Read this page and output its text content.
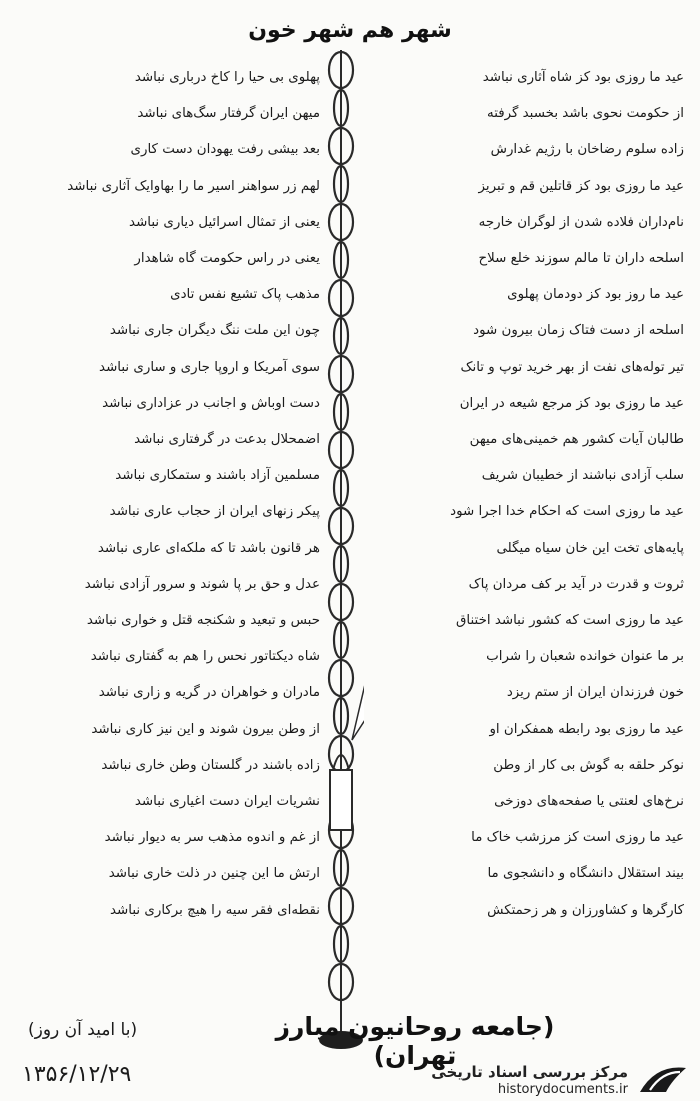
شهر هم شهر خون
پهلوی بی حیا را کاخ درباری نباشد
میهن ایران گرفتار سگ‌های نباشد
بعد بیشی رفت یهودان دست کاری
لهم زر سواهنر اسیر ما را بهاوایک آثاری نباشد
یعنی از تمثال اسرائیل دیاری نباشد
یعنی در راس حکومت گاه شاهدار
مذهب پاک تشیع نفس تادی
چون این ملت ننگ دیگران جاری نباشد
سوی آمریکا و اروپا جاری و ساری نباشد
دست اوباش و اجانب در عزاداری نباشد
اضمحلال بدعت در گرفتاری نباشد
مسلمین آزاد باشند و ستمکاری نباشد
پیکر زنهای ایران از حجاب عاری نباشد
هر قانون باشد تا که ملکه‌ای عاری نباشد
عدل و حق بر پا شوند و سرور آزادی نباشد
حبس و تبعید و شکنجه قتل و خواری نباشد
شاه دیکتاتور نحس را هم به گفتاری نباشد
مادران و خواهران در گریه و زاری نباشد
از وطن بیرون شوند و این نیز کاری نباشد
زاده باشند در گلستان وطن خاری نباشد
نشریات ایران دست اغیاری نباشد
از غم و اندوه مذهب سر به دیوار نباشد
ارتش ما این چنین در ذلت خاری نباشد
نقطه‌ای فقر سیه را هیچ برکاری نباشد
عید ما روزی بود کز شاه آثاری نباشد
از حکومت نحوی باشد بخسبد گرفته
زاده سلوم رضاخان با رژیم غدارش
عید ما روزی بود کز قاتلین قم و تبریز
نام‌داران فلاده شدن از لوگران خارجه
اسلحه داران تا مالم سوزند خلع سلاح
عید ما روز بود کز دودمان پهلوی
اسلحه از دست فتاک زمان بیرون شود
تیر توله‌های نفت از بهر خرید توپ و تانک
عید ما روزی بود کز مرجع شیعه در ایران
طالبان آیات کشور هم خمینی‌های میهن
سلب آزادی نباشند از خطیبان شریف
عید ما روزی است که احکام خدا اجرا شود
پایه‌های تخت این خان سیاه میگلی
ثروت و قدرت در آید بر کف مردان پاک
عید ما روزی است که کشور نباشد اختناق
بر ما عنوان خوانده شعبان را شراب
خون فرزندان ایران از ستم ریزد
عید ما روزی بود رابطه همفکران او
نوکر حلقه به گوش بی کار از وطن
نرخ‌های لعنتی یا صفحه‌های دوزخی
عید ما روزی است کز مرزشب خاک ما
بیند استقلال دانشگاه و دانشجوی ما
کارگرها و کشاورزان و هر زحمتکش
(جامعه روحانیون مبارز تهران)
(با امید آن روز)
۱۳۵۶/۱۲/۲۹	مرکز بررسی اسناد تاریخی
historydocuments.ir
